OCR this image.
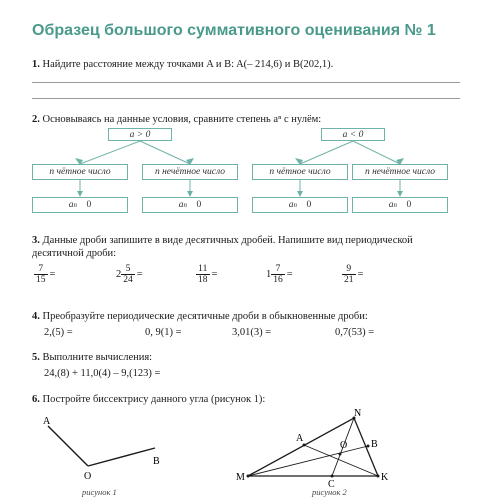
Образец большого суммативного оценивания № 1

1. Найдите расстояние между точками A и B: A(– 214,6) и B(202,1).

2. Основываясь на данные условия, сравните степень aⁿ с нулём:

a > 0	a < 0
n чётное число	n нечётное число	n чётное число	n нечётное число
a n
0	a n
0	a n
0	a n
0

3. Данные дроби запишите в виде десятичных дробей. Напишите вид периодической десятичной дроби:

$\frac{7}{15}$ =	$2 \frac{5}{24}$ =	$\frac{11}{18}$ =	$1 \frac{7}{16}$ =	$\frac{9}{21}$ =

4. Преобразуйте периодические десятичные дроби в обыкновенные дроби:

2,(5) =	0, 9(1) =	3,01(3) =	0,7(53) =

5. Выполните вычисления:

24,(8) + 11,0(4) – 9,(123) =

6. Постройте биссектрису данного угла (рисунок 1):

A
O
B
рисунок 1
M
N
K
A
O B
C
рисунок 2
